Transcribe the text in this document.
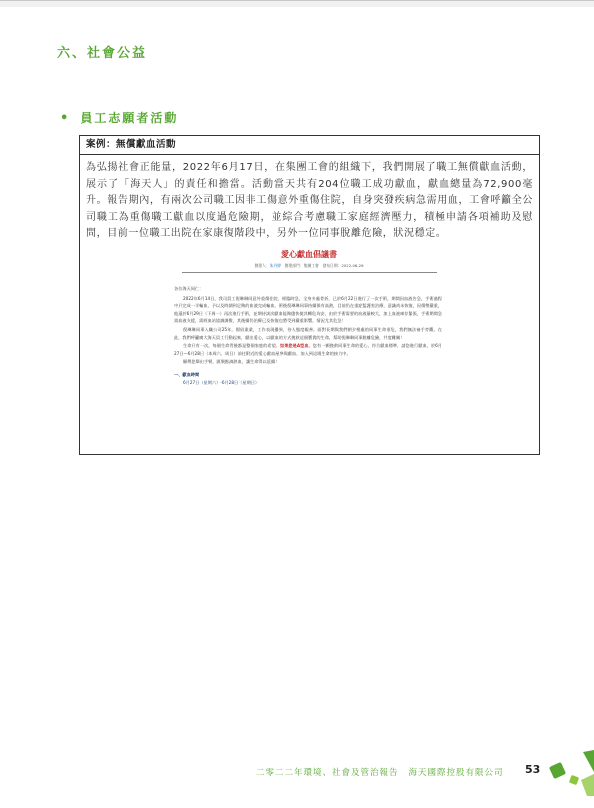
六、社會公益
• 員工志願者活動
案例：無償獻血活動
為弘揚社會正能量，2022年6月17日，在集團工會的組織下，我們開展了職工無償獻血活動，展示了「海天人」的責任和擔當。活動當天共有204位職工成功獻血，獻血總量為72,900毫升。報告期內，有兩次公司職工因非工傷意外重傷住院，自身突發疾病急需用血，工會呼籲全公司職工為重傷職工獻血以度過危險期，並綜合考慮職工家庭經濟壓力，積極申請各項補助及慰問，目前一位職工出院在家康復階段中，另外一位同事脫離危險，狀況穩定。
愛心獻血倡議書
創建人：朱丹婷 創建部門：集團工會 發布日期：2022-06-26

各位海天同仁：

2022年6月14日，我司員工倪琳琳同意外重傷住院，經臨時急，全身多處骨折，已於6月22日進行了一次手術，期間因血液告急，手術過程中只完成一半輸血，予以及時調到足夠的血液完成輸血，術後倪琳琳同事持續保有高熱，目前仍在重症監護室治療，意識尚未恢復，因傷勢嚴重，他還於6月29日（下周一）再次進行手術，並期待該次獻血能夠儘快使其轉危為安，由於手術需要的血液量較大，加上血液庫存緊張，手術期間急需血液支援，需經血站協調調撥，其後續仍治療已及恢復也將受到嚴重影響，情況尤其危急！

倪琳琳同事入職公司25年，揚眉業業，工作表現優異，待人態度親善。面對長期與我們朝夕相處的同事生命垂危，我們無法袖手旁觀。在此，我們呼籲廣大海天員工行動起來，獻出愛心，以獻血的方式挽救這個寶貴的生命，幫助倪琳琳同事脫離危險，共度難關！

生命只有一次，每個生命背後都是整個家庭的希望。如果您是A型血，您有一顆挽救同事生命的愛心，符合獻血標準，請您進行獻血，於6月27日—6月28日（本周六、周日）前往附近的愛心獻血屋參與獻血，加入到這場生命的接力中。

願傳您舉出手臂，匯聚點滴熱血，讓生命得以延續！

一、獻血時間

6月27日（星期六）-6月28日（星期日）

二零二二年環境、社會及管治報告 海天國際控股有限公司 53
